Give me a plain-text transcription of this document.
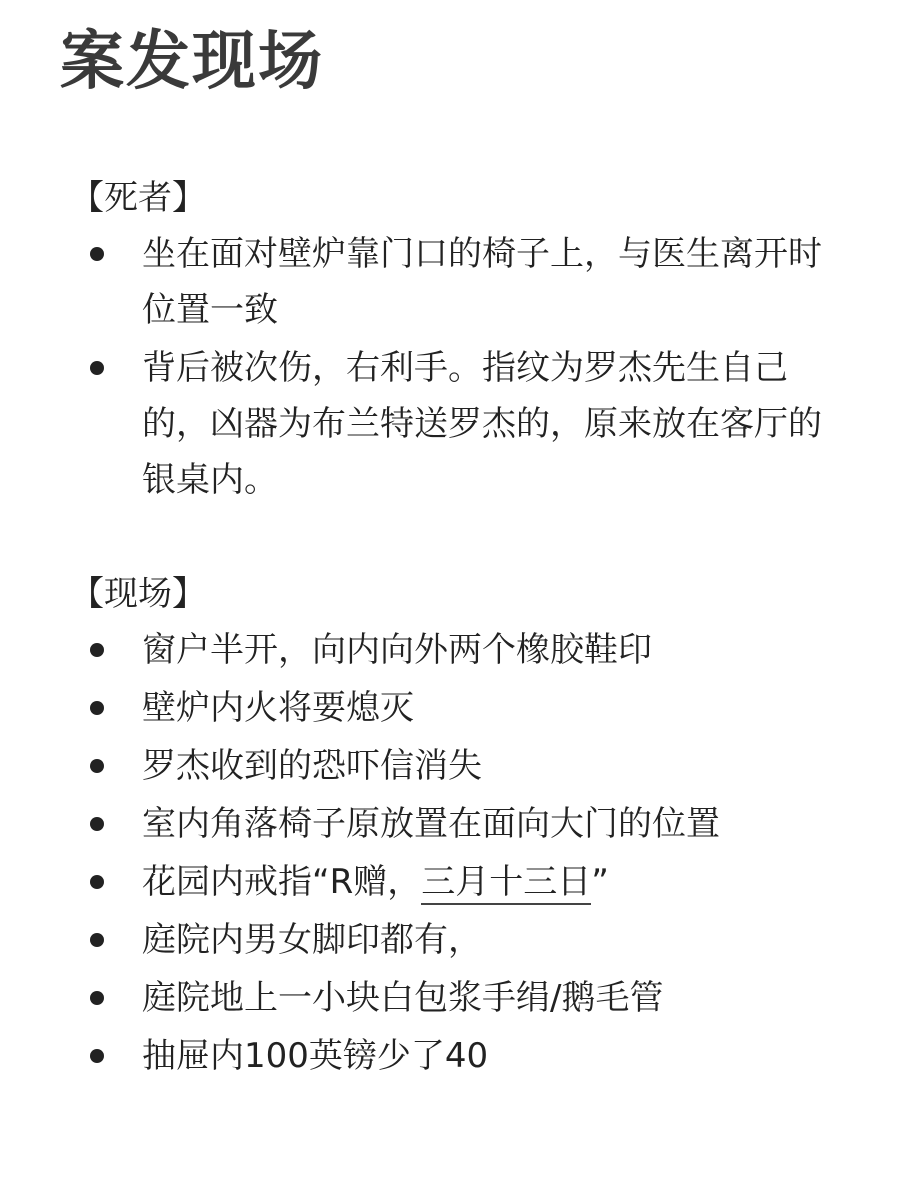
案发现场
【死者】
坐在面对壁炉靠门口的椅子上，与医生离开时位置一致
背后被次伤，右利手。指纹为罗杰先生自己的，凶器为布兰特送罗杰的，原来放在客厅的银桌内。
【现场】
窗户半开，向内向外两个橡胶鞋印
壁炉内火将要熄灭
罗杰收到的恐吓信消失
室内角落椅子原放置在面向大门的位置
花园内戒指“R赠，三月十三日”
庭院内男女脚印都有，
庭院地上一小块白包浆手绢/鹅毛管
抽屉内100英镑少了40
